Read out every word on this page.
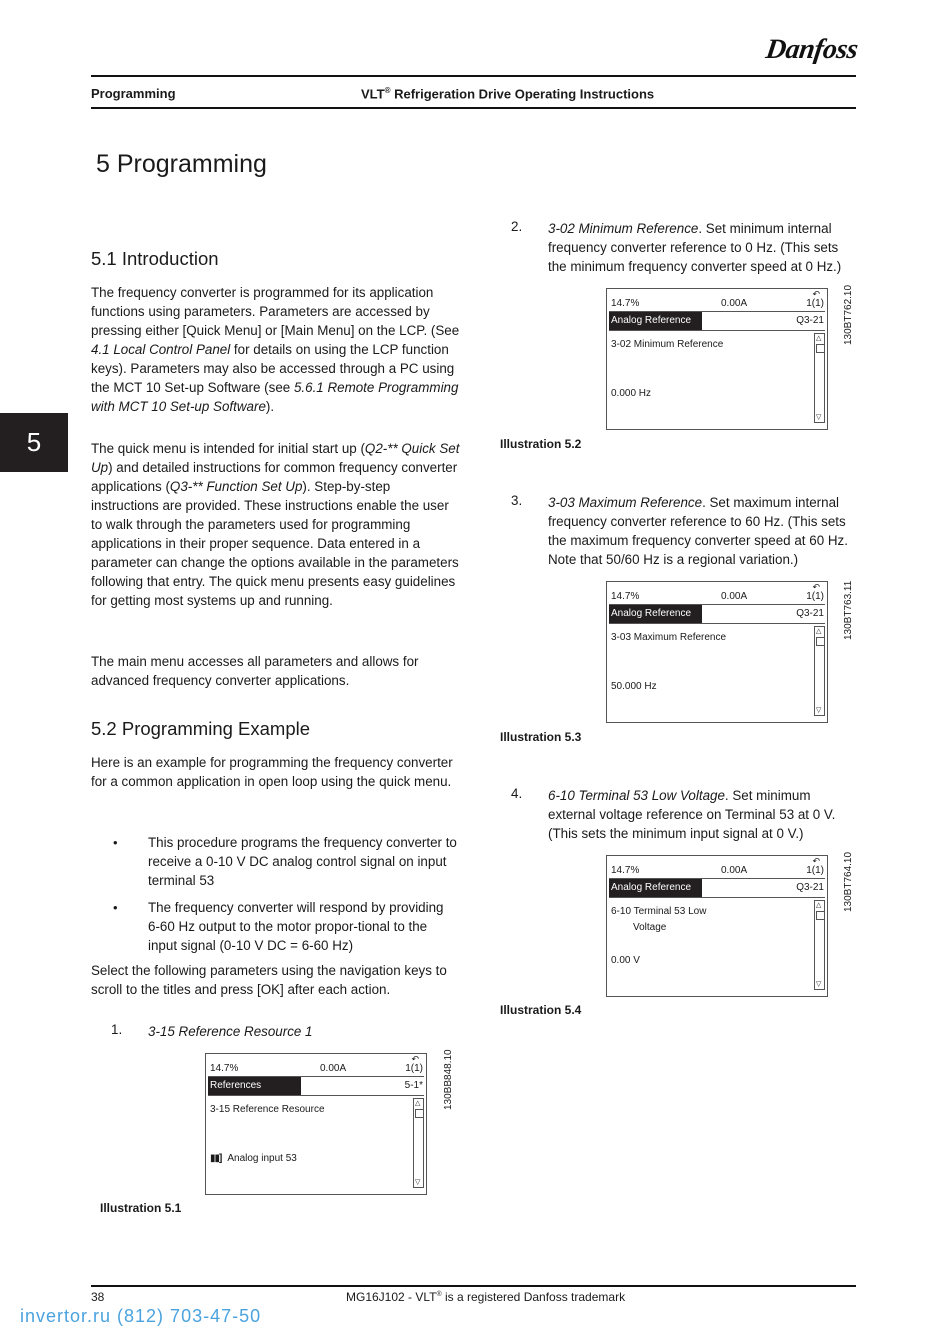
Danfoss
Programming	VLT® Refrigeration Drive Operating Instructions
5 Programming
5
5.1 Introduction
The frequency converter is programmed for its application functions using parameters. Parameters are accessed by pressing either [Quick Menu] or [Main Menu] on the LCP. (See 4.1 Local Control Panel for details on using the LCP function keys). Parameters may also be accessed through a PC using the MCT 10 Set-up Software (see 5.6.1 Remote Programming with MCT 10 Set-up Software).
The quick menu is intended for initial start up (Q2-** Quick Set Up) and detailed instructions for common frequency converter applications (Q3-** Function Set Up). Step-by-step instructions are provided. These instructions enable the user to walk through the parameters used for programming applications in their proper sequence. Data entered in a parameter can change the options available in the parameters following that entry. The quick menu presents easy guidelines for getting most systems up and running.
The main menu accesses all parameters and allows for advanced frequency converter applications.
5.2 Programming Example
Here is an example for programming the frequency converter for a common application in open loop using the quick menu.
• This procedure programs the frequency converter to receive a 0-10 V DC analog control signal on input terminal 53
• The frequency converter will respond by providing 6-60 Hz output to the motor propor-tional to the input signal (0-10 V DC = 6-60 Hz)
Select the following parameters using the navigation keys to scroll to the titles and press [OK] after each action.
1. 3-15 Reference Resource 1
14.7%	0.00A
↶
1(1)
References	5-1*
3-15 Reference Resource
▮▮] Analog input 53
△
▽
130BB848.10
Illustration 5.1
2. 3-02 Minimum Reference. Set minimum internal frequency converter reference to 0 Hz. (This sets the minimum frequency converter speed at 0 Hz.)
14.7%	0.00A
↶
1(1)
Analog Reference	Q3-21
3-02 Minimum Reference
0.000 Hz
△
▽
130BT762.10
Illustration 5.2
3. 3-03 Maximum Reference. Set maximum internal frequency converter reference to 60 Hz. (This sets the maximum frequency converter speed at 60 Hz. Note that 50/60 Hz is a regional variation.)
14.7%	0.00A
↶
1(1)
Analog Reference	Q3-21
3-03 Maximum Reference
50.000 Hz
△
▽
130BT763.11
Illustration 5.3
4. 6-10 Terminal 53 Low Voltage. Set minimum external voltage reference on Terminal 53 at 0 V. (This sets the minimum input signal at 0 V.)
14.7%	0.00A
↶
1(1)
Analog Reference	Q3-21
6-10 Terminal 53 Low
Voltage
0.00 V
△
▽
130BT764.10
Illustration 5.4
38	MG16J102 - VLT® is a registered Danfoss trademark
invertor.ru (812) 703-47-50
